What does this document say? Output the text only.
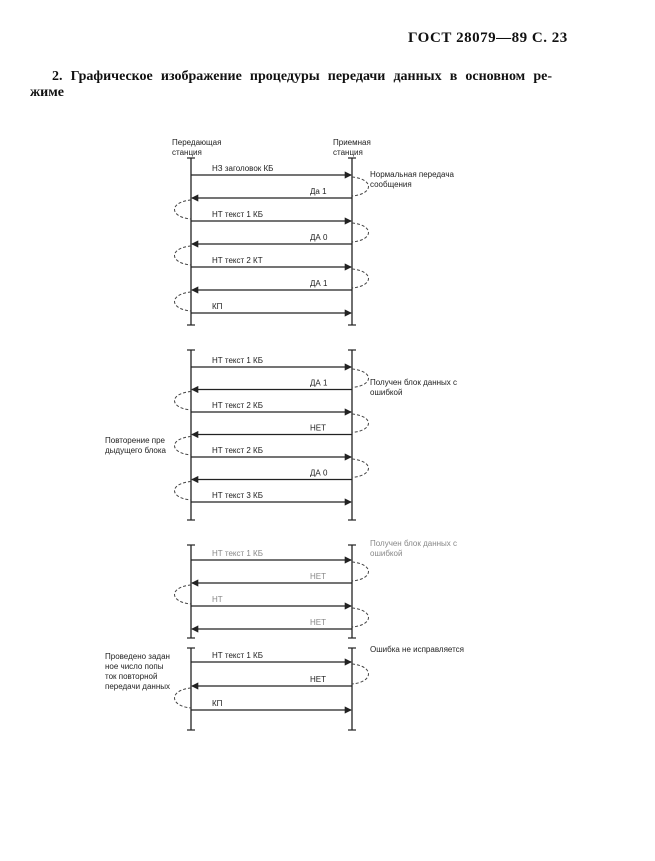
ГОСТ 28079—89 С. 23
2. Графическое изображение процедуры передачи данных в основном ре-
жиме
Передающая
станция
Приемная
станция
НЗ заголовок КБ
Да 1
НТ текст 1 КБ
ДА 0
НТ текст 2 КТ
ДА 1
КП
Нормальная передача
сообщения
НТ текст 1 КБ
ДА 1
НТ текст 2 КБ
НЕТ
НТ текст 2 КБ
ДА 0
НТ текст 3 КБ
Получен блок данных с
ошибкой
Повторение пре
дыдущего блока
НТ текст 1 КБ
НЕТ
НТ
НЕТ
Получен блок данных с
ошибкой
НТ текст 1 КБ
НЕТ
КП
Ошибка не исправляется
Проведено задан
ное число попы
ток повторной
передачи данных
